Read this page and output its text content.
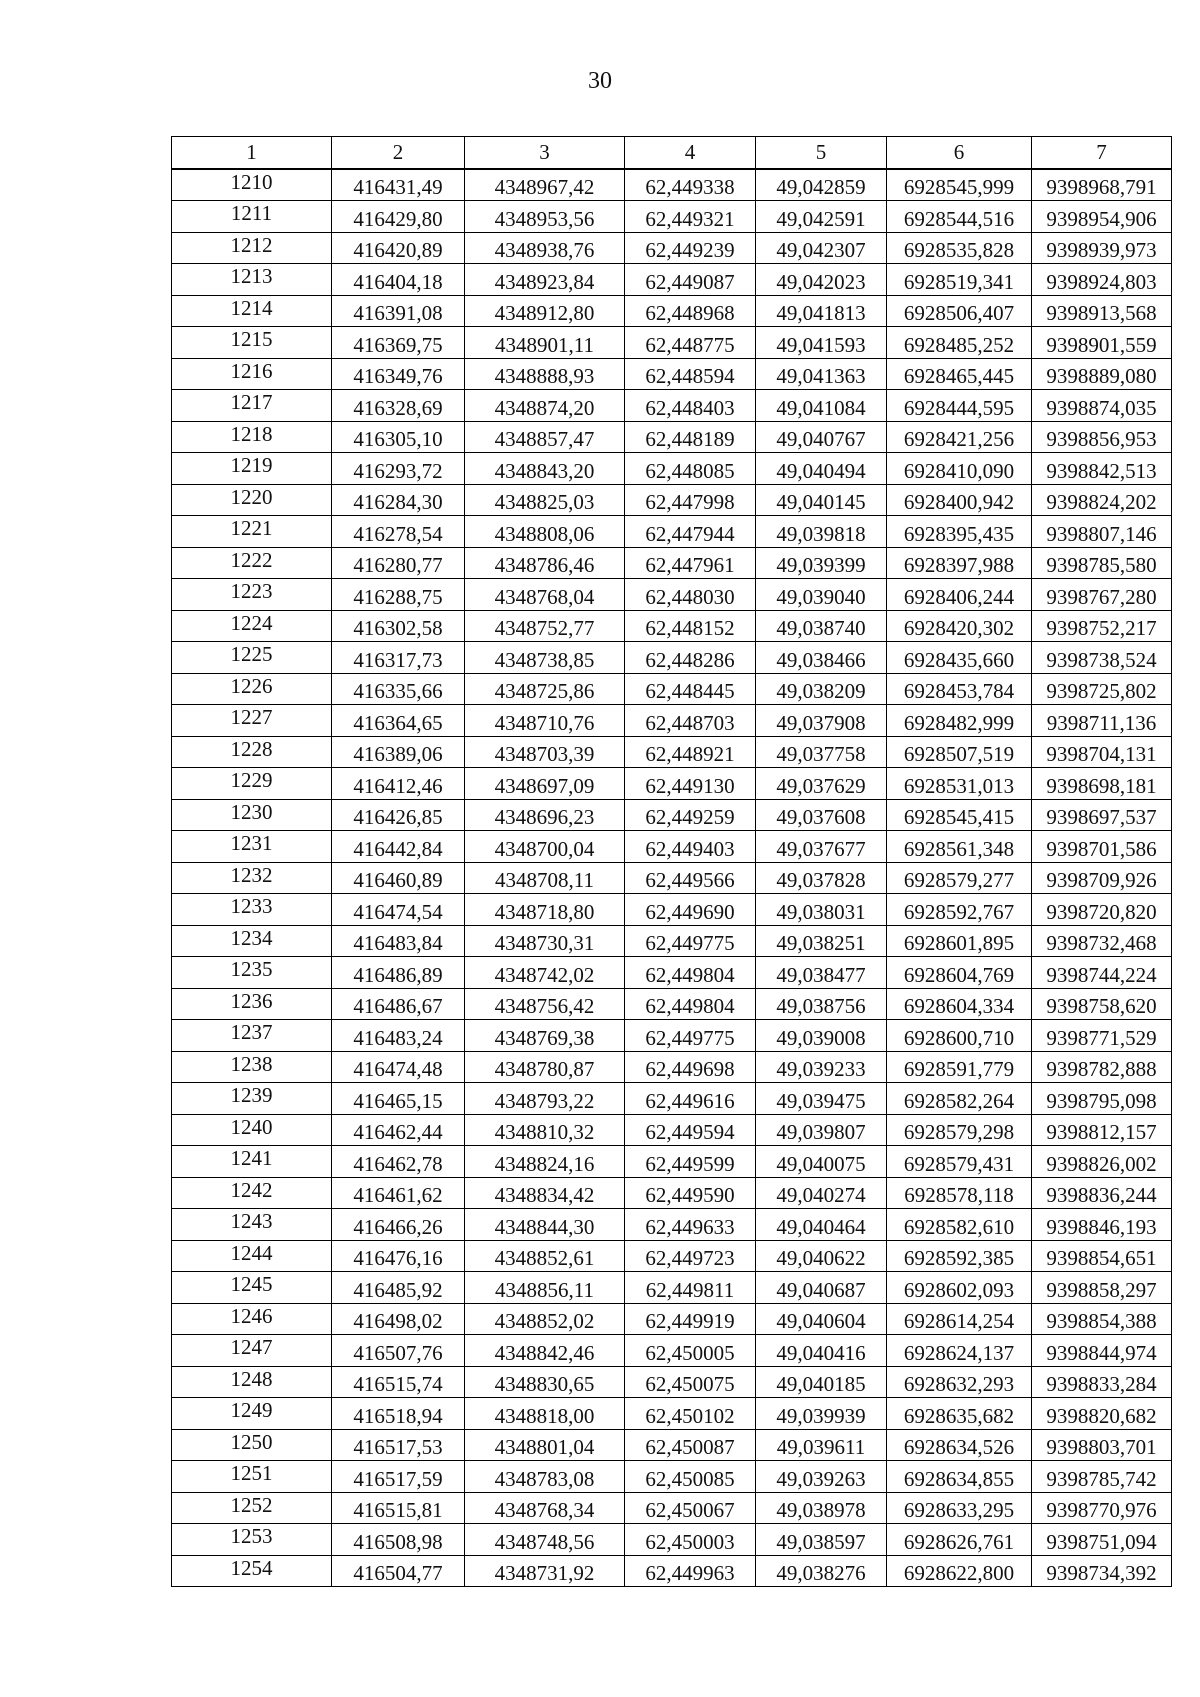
30
1	2	3	4	5	6	7
1210	416431,49	4348967,42	62,449338	49,042859	6928545,999	9398968,791
1211	416429,80	4348953,56	62,449321	49,042591	6928544,516	9398954,906
1212	416420,89	4348938,76	62,449239	49,042307	6928535,828	9398939,973
1213	416404,18	4348923,84	62,449087	49,042023	6928519,341	9398924,803
1214	416391,08	4348912,80	62,448968	49,041813	6928506,407	9398913,568
1215	416369,75	4348901,11	62,448775	49,041593	6928485,252	9398901,559
1216	416349,76	4348888,93	62,448594	49,041363	6928465,445	9398889,080
1217	416328,69	4348874,20	62,448403	49,041084	6928444,595	9398874,035
1218	416305,10	4348857,47	62,448189	49,040767	6928421,256	9398856,953
1219	416293,72	4348843,20	62,448085	49,040494	6928410,090	9398842,513
1220	416284,30	4348825,03	62,447998	49,040145	6928400,942	9398824,202
1221	416278,54	4348808,06	62,447944	49,039818	6928395,435	9398807,146
1222	416280,77	4348786,46	62,447961	49,039399	6928397,988	9398785,580
1223	416288,75	4348768,04	62,448030	49,039040	6928406,244	9398767,280
1224	416302,58	4348752,77	62,448152	49,038740	6928420,302	9398752,217
1225	416317,73	4348738,85	62,448286	49,038466	6928435,660	9398738,524
1226	416335,66	4348725,86	62,448445	49,038209	6928453,784	9398725,802
1227	416364,65	4348710,76	62,448703	49,037908	6928482,999	9398711,136
1228	416389,06	4348703,39	62,448921	49,037758	6928507,519	9398704,131
1229	416412,46	4348697,09	62,449130	49,037629	6928531,013	9398698,181
1230	416426,85	4348696,23	62,449259	49,037608	6928545,415	9398697,537
1231	416442,84	4348700,04	62,449403	49,037677	6928561,348	9398701,586
1232	416460,89	4348708,11	62,449566	49,037828	6928579,277	9398709,926
1233	416474,54	4348718,80	62,449690	49,038031	6928592,767	9398720,820
1234	416483,84	4348730,31	62,449775	49,038251	6928601,895	9398732,468
1235	416486,89	4348742,02	62,449804	49,038477	6928604,769	9398744,224
1236	416486,67	4348756,42	62,449804	49,038756	6928604,334	9398758,620
1237	416483,24	4348769,38	62,449775	49,039008	6928600,710	9398771,529
1238	416474,48	4348780,87	62,449698	49,039233	6928591,779	9398782,888
1239	416465,15	4348793,22	62,449616	49,039475	6928582,264	9398795,098
1240	416462,44	4348810,32	62,449594	49,039807	6928579,298	9398812,157
1241	416462,78	4348824,16	62,449599	49,040075	6928579,431	9398826,002
1242	416461,62	4348834,42	62,449590	49,040274	6928578,118	9398836,244
1243	416466,26	4348844,30	62,449633	49,040464	6928582,610	9398846,193
1244	416476,16	4348852,61	62,449723	49,040622	6928592,385	9398854,651
1245	416485,92	4348856,11	62,449811	49,040687	6928602,093	9398858,297
1246	416498,02	4348852,02	62,449919	49,040604	6928614,254	9398854,388
1247	416507,76	4348842,46	62,450005	49,040416	6928624,137	9398844,974
1248	416515,74	4348830,65	62,450075	49,040185	6928632,293	9398833,284
1249	416518,94	4348818,00	62,450102	49,039939	6928635,682	9398820,682
1250	416517,53	4348801,04	62,450087	49,039611	6928634,526	9398803,701
1251	416517,59	4348783,08	62,450085	49,039263	6928634,855	9398785,742
1252	416515,81	4348768,34	62,450067	49,038978	6928633,295	9398770,976
1253	416508,98	4348748,56	62,450003	49,038597	6928626,761	9398751,094
1254	416504,77	4348731,92	62,449963	49,038276	6928622,800	9398734,392
